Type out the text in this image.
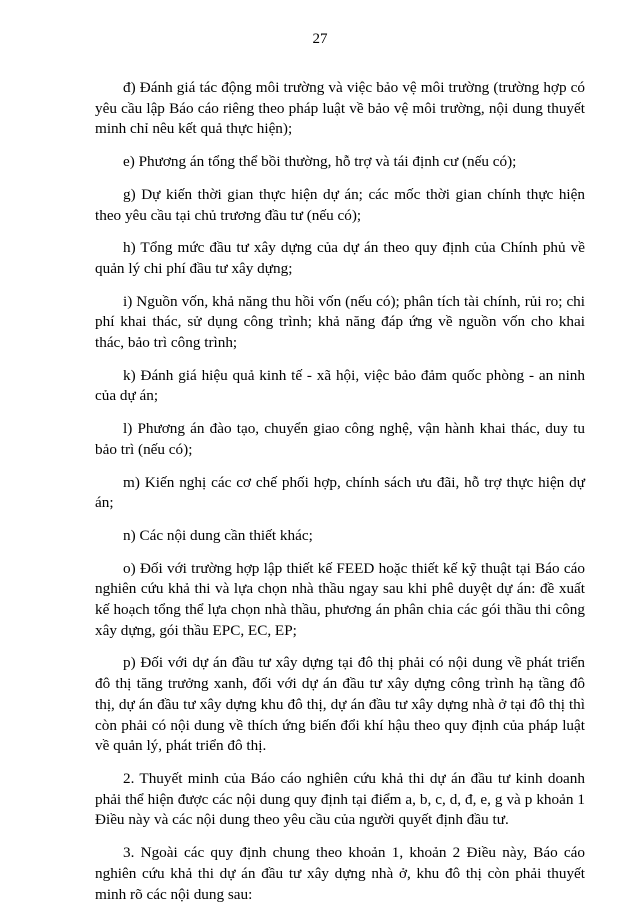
27

đ) Đánh giá tác động môi trường và việc bảo vệ môi trường (trường hợp có yêu cầu lập Báo cáo riêng theo pháp luật về bảo vệ môi trường, nội dung thuyết minh chỉ nêu kết quả thực hiện);

e) Phương án tổng thể bồi thường, hỗ trợ và tái định cư (nếu có);

g) Dự kiến thời gian thực hiện dự án; các mốc thời gian chính thực hiện theo yêu cầu tại chủ trương đầu tư (nếu có);

h) Tổng mức đầu tư xây dựng của dự án theo quy định của Chính phủ về quản lý chi phí đầu tư xây dựng;

i) Nguồn vốn, khả năng thu hồi vốn (nếu có); phân tích tài chính, rủi ro; chi phí khai thác, sử dụng công trình; khả năng đáp ứng về nguồn vốn cho khai thác, bảo trì công trình;

k) Đánh giá hiệu quả kinh tế - xã hội, việc bảo đảm quốc phòng - an ninh của dự án;

l) Phương án đào tạo, chuyển giao công nghệ, vận hành khai thác, duy tu bảo trì (nếu có);

m) Kiến nghị các cơ chế phối hợp, chính sách ưu đãi, hỗ trợ thực hiện dự án;

n) Các nội dung cần thiết khác;

o) Đối với trường hợp lập thiết kế FEED hoặc thiết kế kỹ thuật tại Báo cáo nghiên cứu khả thi và lựa chọn nhà thầu ngay sau khi phê duyệt dự án: đề xuất kế hoạch tổng thể lựa chọn nhà thầu, phương án phân chia các gói thầu thi công xây dựng, gói thầu EPC, EC, EP;

p) Đối với dự án đầu tư xây dựng tại đô thị phải có nội dung về phát triển đô thị tăng trưởng xanh, đối với dự án đầu tư xây dựng công trình hạ tầng đô thị, dự án đầu tư xây dựng khu đô thị, dự án đầu tư xây dựng nhà ở tại đô thị thì còn phải có nội dung về thích ứng biến đổi khí hậu theo quy định của pháp luật về quản lý, phát triển đô thị.

2. Thuyết minh của Báo cáo nghiên cứu khả thi dự án đầu tư kinh doanh phải thể hiện được các nội dung quy định tại điểm a, b, c, d, đ, e, g và p khoản 1 Điều này và các nội dung theo yêu cầu của người quyết định đầu tư.

3. Ngoài các quy định chung theo khoản 1, khoản 2 Điều này, Báo cáo nghiên cứu khả thi dự án đầu tư xây dựng nhà ở, khu đô thị còn phải thuyết minh rõ các nội dung sau:
